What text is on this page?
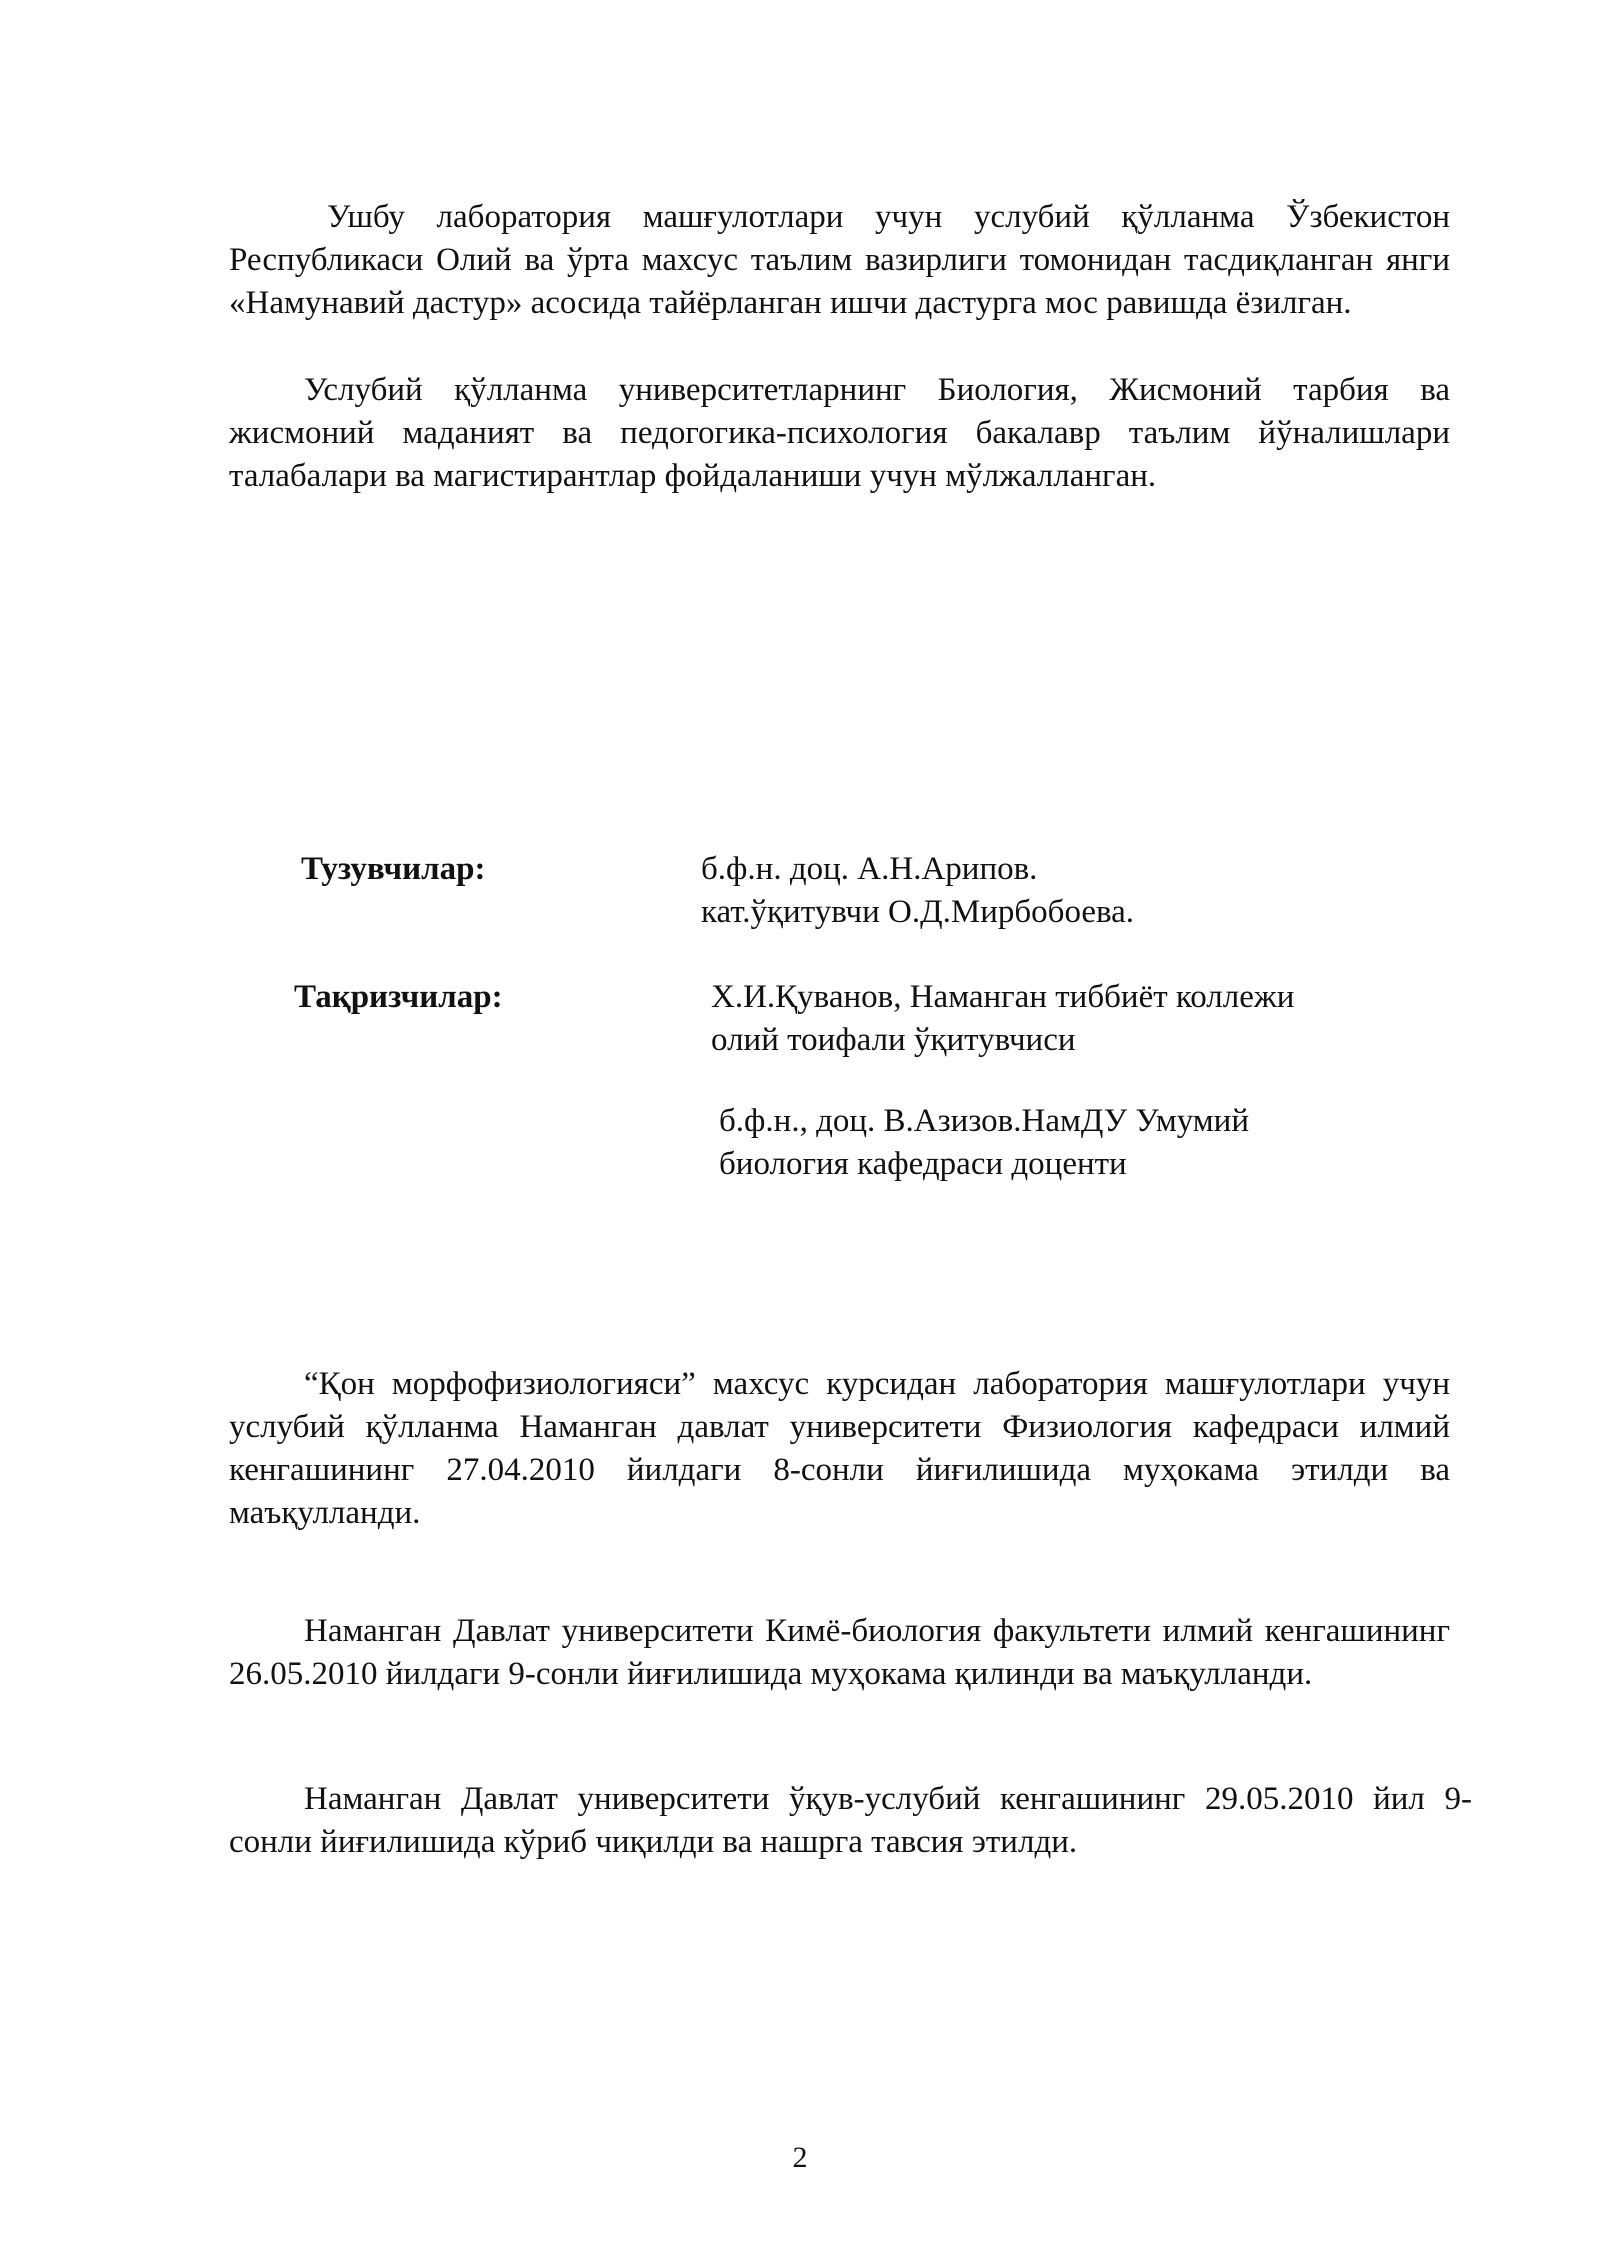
Ушбу лаборатория машғулотлари учун услубий қўлланма Ўзбекистон Республикаси Олий ва ўрта махсус таълим вазирлиги томонидан тасдиқланган янги «Намунавий дастур» асосида тайёрланган ишчи дастурга мос равишда ёзилган.

Услубий қўлланма университетларнинг Биология, Жисмоний тарбия ва жисмоний маданият ва педогогика-психология бакалавр таълим йўналишлари талабалари ва магистирантлар фойдаланиши учун мўлжалланган.

Тузувчилар:	б.ф.н. доц. А.Н.Арипов.
кат.ўқитувчи О.Д.Мирбобоева.
Тақризчилар:	Х.И.Қуванов, Наманган тиббиёт коллежи
олий тоифали ўқитувчиси
б.ф.н., доц. В.Азизов.НамДУ Умумий
биология кафедраси доценти

“Қон морфофизиологияси” махсус курсидан лаборатория машғулотлари учун услубий қўлланма Наманган давлат университети Физиология кафедраси илмий кенгашининг 27.04.2010 йилдаги 8-сонли йиғилишида муҳокама этилди ва маъқулланди.

Наманган Давлат университети Кимё-биология факультети илмий кенгашининг 26.05.2010 йилдаги 9-сонли йиғилишида муҳокама қилинди ва маъқулланди.

Наманган Давлат университети ўқув-услубий кенгашининг 29.05.2010 йил 9-сонли йиғилишида кўриб чиқилди ва нашрга тавсия этилди.

2
